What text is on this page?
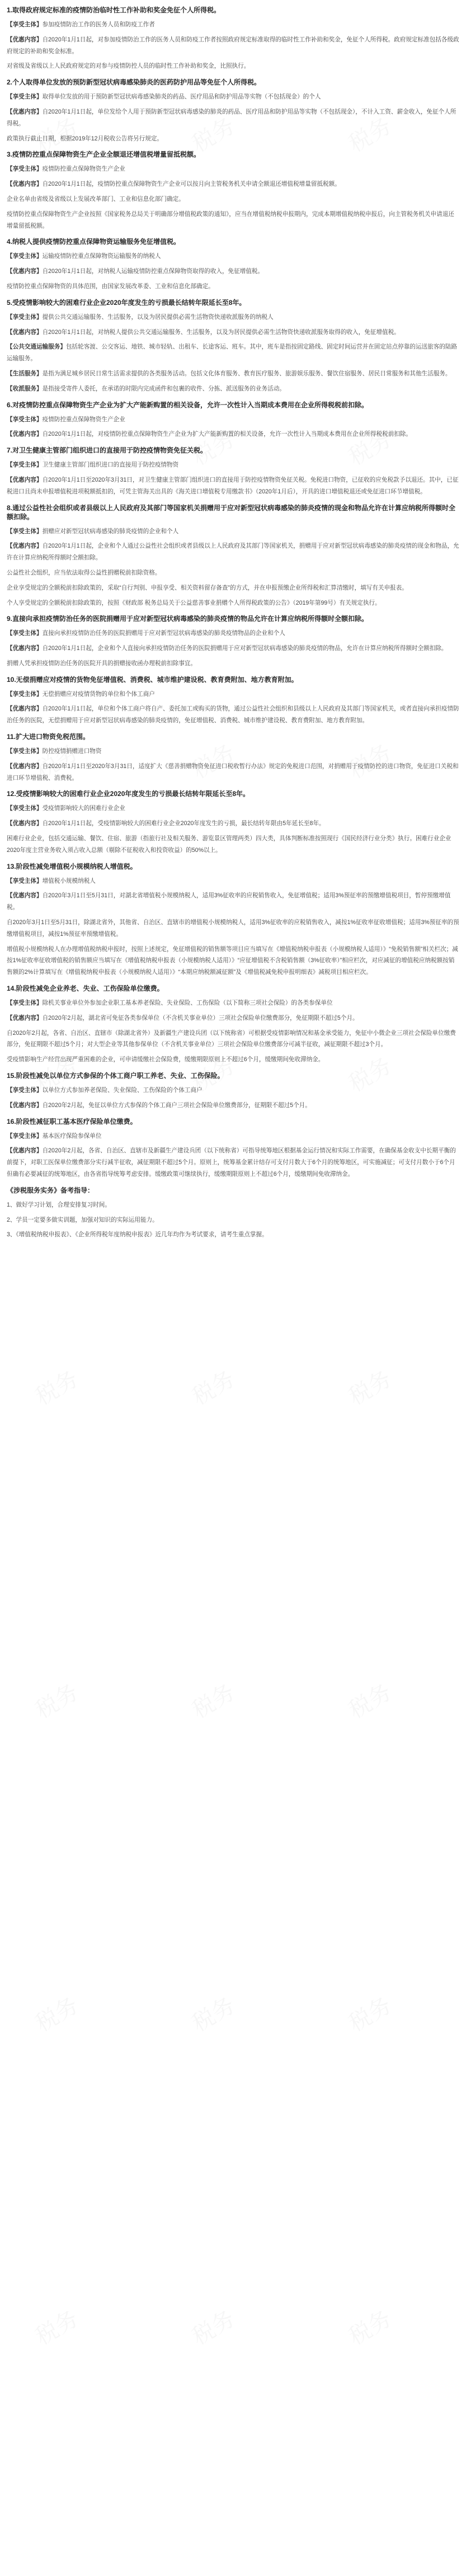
1.取得政府规定标准的疫情防治临时性工作补助和奖金免征个人所得税。
【享受主体】参加疫情防治工作的医务人员和防疫工作者
【优惠内容】自2020年1月1日起，对参加疫情防治工作的医务人员和防疫工作者按照政府规定标准取得的临时性工作补助和奖金，免征个人所得税。政府规定标准包括各级政府规定的补助和奖金标准。
对省级及省级以上人民政府规定的对参与疫情防控人员的临时性工作补助和奖金，比照执行。
2.个人取得单位发放的预防新型冠状病毒感染肺炎的医药防护用品等免征个人所得税。
【享受主体】取得单位发放的用于预防新型冠状病毒感染肺炎的药品、医疗用品和防护用品等实物（不包括现金）的个人
【优惠内容】自2020年1月1日起，单位发给个人用于预防新型冠状病毒感染的肺炎的药品、医疗用品和防护用品等实物（不包括现金），不计入工资、薪金收入，免征个人所得税。
政策执行截止日期，根据2019年12月税收公告将另行规定。
3.疫情防控重点保障物资生产企业全额退还增值税增量留抵税额。
【享受主体】疫情防控重点保障物资生产企业
【优惠内容】自2020年1月1日起，疫情防控重点保障物资生产企业可以按月向主管税务机关申请全额退还增值税增量留抵税额。
企业名单由省级及省级以上发展改革部门、工业和信息化部门确定。
疫情防控重点保障物资生产企业按照《国家税务总局关于明确部分增值税政策的通知》，应当在增值税纳税申报期内，完成本期增值税纳税申报后，向主管税务机关申请退还增量留抵税额。
4.纳税人提供疫情防控重点保障物资运输服务免征增值税。
【享受主体】运输疫情防控重点保障物资运输服务的纳税人
【优惠内容】自2020年1月1日起，对纳税人运输疫情防控重点保障物资取得的收入，免征增值税。
疫情防控重点保障物资的具体范围，由国家发展改革委、工业和信息化部确定。
5.受疫情影响较大的困难行业企业2020年度发生的亏损最长结转年限延长至8年。
【享受主体】提供公共交通运输服务、生活服务，以及为居民提供必需生活物资快递收派服务的纳税人
【优惠内容】自2020年1月1日起，对纳税人提供公共交通运输服务、生活服务，以及为居民提供必需生活物资快递收派服务取得的收入，免征增值税。
【公共交通运输服务】包括轮客渡、公交客运、地铁、城市轻轨、出租车、长途客运、班车。其中，班车是指按固定路线、固定时间运营并在固定站点停靠的运送旅客的陆路运输服务。
【生活服务】是指为满足城乡居民日常生活需求提供的各类服务活动。包括文化体育服务、教育医疗服务、旅游娱乐服务、餐饮住宿服务、居民日常服务和其他生活服务。
【收派服务】是指接受寄件人委托，在承诺的时限内完成函件和包裹的收件、分拣、派送服务的业务活动。
6.对疫情防控重点保障物资生产企业为扩大产能新购置的相关设备，允许一次性计入当期成本费用在企业所得税税前扣除。
【享受主体】疫情防控重点保障物资生产企业
【优惠内容】自2020年1月1日起，对疫情防控重点保障物资生产企业为扩大产能新购置的相关设备，允许一次性计入当期成本费用在企业所得税税前扣除。
7.对卫生健康主管部门组织进口的直接用于防控疫情物资免征关税。
【享受主体】卫生健康主管部门组织进口的直接用于防控疫情物资
【优惠内容】自2020年1月1日至2020年3月31日，对卫生健康主管部门组织进口的直接用于防控疫情物资免征关税。免税进口物资，已征收的应免税款予以退还。其中，已征税进口且尚未申报增值税进项税额抵扣的，可凭主管海关出具的《海关进口增值税专用缴款书》（2020年1月后），开具的进口增值税退还或免征进口环节增值税。
8.通过公益性社会组织或者县级以上人民政府及其部门等国家机关捐赠用于应对新型冠状病毒感染的肺炎疫情的现金和物品允许在计算应纳税所得额时全额扣除。
【享受主体】捐赠应对新型冠状病毒感染的肺炎疫情的企业和个人
【优惠内容】自2020年1月1日起，企业和个人通过公益性社会组织或者县级以上人民政府及其部门等国家机关，捐赠用于应对新型冠状病毒感染的肺炎疫情的现金和物品，允许在计算应纳税所得额时全额扣除。
公益性社会组织，应当依法取得公益性捐赠税前扣除资格。
企业享受规定的全额税前扣除政策的，采取“自行判别、申报享受、相关资料留存备查”的方式，并在申报预缴企业所得税和汇算清缴时，填写有关申报表。
个人享受规定的全额税前扣除政策的，按照《财政部 税务总局关于公益慈善事业捐赠个人所得税政策的公告》（2019年第99号）有关规定执行。
9.直接向承担疫情防治任务的医院捐赠用于应对新型冠状病毒感染的肺炎疫情的物品允许在计算应纳税所得额时全额扣除。
【享受主体】直接向承担疫情防治任务的医院捐赠用于应对新型冠状病毒感染的肺炎疫情物品的企业和个人
【优惠内容】自2020年1月1日起，企业和个人直接向承担疫情防治任务的医院捐赠用于应对新型冠状病毒感染的肺炎疫情的物品，允许在计算应纳税所得额时全额扣除。
捐赠人凭承担疫情防治任务的医院开具的捐赠接收函办理税前扣除事宜。
10.无偿捐赠应对疫情的货物免征增值税、消费税、城市维护建设税、教育费附加、地方教育附加。
【享受主体】无偿捐赠应对疫情货物的单位和个体工商户
【优惠内容】自2020年1月1日起，单位和个体工商户将自产、委托加工或购买的货物，通过公益性社会组织和县级以上人民政府及其部门等国家机关，或者直接向承担疫情防治任务的医院，无偿捐赠用于应对新型冠状病毒感染的肺炎疫情的，免征增值税、消费税、城市维护建设税、教育费附加、地方教育附加。
11.扩大进口物资免税范围。
【享受主体】防控疫情捐赠进口物资
【优惠内容】自2020年1月1日至2020年3月31日，适度扩大《慈善捐赠物资免征进口税收暂行办法》规定的免税进口范围，对捐赠用于疫情防控的进口物资，免征进口关税和进口环节增值税、消费税。
12.受疫情影响较大的困难行业企业2020年度发生的亏损最长结转年限延长至8年。
【享受主体】受疫情影响较大的困难行业企业
【优惠内容】自2020年1月1日起，受疫情影响较大的困难行业企业2020年度发生的亏损，最长结转年限由5年延长至8年。
困难行业企业，包括交通运输、餐饮、住宿、旅游（指旅行社及相关服务、游览景区管理两类）四大类，具体判断标准按照现行《国民经济行业分类》执行。困难行业企业2020年度主营业务收入须占收入总额（剔除不征税收入和投资收益）的50%以上。
13.阶段性减免增值税小规模纳税人增值税。
【享受主体】增值税小规模纳税人
【优惠内容】自2020年3月1日至5月31日，对湖北省增值税小规模纳税人，适用3%征收率的应税销售收入，免征增值税；适用3%预征率的预缴增值税项目，暂停预缴增值税。
自2020年3月1日至5月31日，除湖北省外，其他省、自治区、直辖市的增值税小规模纳税人，适用3%征收率的应税销售收入，减按1%征收率征收增值税；适用3%预征率的预缴增值税项目，减按1%预征率预缴增值税。
增值税小规模纳税人在办理增值税纳税申报时，按照上述规定，免征增值税的销售额等项目应当填写在《增值税纳税申报表（小规模纳税人适用）》“免税销售额”相关栏次；减按1%征收率征收增值税的销售额应当填写在《增值税纳税申报表（小规模纳税人适用）》“应征增值税不含税销售额（3%征收率）”相应栏次，对应减征的增值税应纳税额按销售额的2%计算填写在《增值税纳税申报表（小规模纳税人适用）》“本期应纳税额减征额”及《增值税减免税申报明细表》减税项目相应栏次。
14.阶段性减免企业养老、失业、工伤保险单位缴费。
【享受主体】除机关事业单位外参加企业职工基本养老保险、失业保险、工伤保险（以下简称三项社会保险）的各类参保单位
【优惠内容】自2020年2月起，湖北省可免征各类参保单位（不含机关事业单位）三项社会保险单位缴费部分，免征期限不超过5个月。
自2020年2月起，各省、自治区、直辖市（除湖北省外）及新疆生产建设兵团（以下统称省）可根据受疫情影响情况和基金承受能力，免征中小微企业三项社会保险单位缴费部分，免征期限不超过5个月；对大型企业等其他参保单位（不含机关事业单位）三项社会保险单位缴费部分可减半征收，减征期限不超过3个月。
受疫情影响生产经营出现严重困难的企业，可申请缓缴社会保险费，缓缴期限原则上不超过6个月，缓缴期间免收滞纳金。
15.阶段性减免以单位方式参保的个体工商户职工养老、失业、工伤保险。
【享受主体】以单位方式参加养老保险、失业保险、工伤保险的个体工商户
【优惠内容】自2020年2月起，免征以单位方式参保的个体工商户三项社会保险单位缴费部分，征期限不超过5个月。
16.阶段性减征职工基本医疗保险单位缴费。
【享受主体】基本医疗保险参保单位
【优惠内容】自2020年2月起，各省、自治区、直辖市及新疆生产建设兵团（以下统称省）可指导统筹地区根据基金运行情况和实际工作需要，在确保基金收支中长期平衡的前提下，对职工医保单位缴费部分实行减半征收，减征期限不超过5个月。原则上，统筹基金累计结存可支付月数大于6个月的统筹地区，可实施减征；可支付月数小于6个月但确有必要减征的统筹地区，由各省指导统筹考虑安排。缓缴政策可继续执行，缓缴期限原则上不超过6个月，缓缴期间免收滞纳金。
《涉税服务实务》备考指导：
1、做好学习计划，合理安排复习时间。
2、学员一定要多做实训题，加强对知识的实际运用能力。
3、《增值税纳税申报表》、《企业所得税年度纳税申报表》近几年均作为考试要求，请考生重点掌握。
